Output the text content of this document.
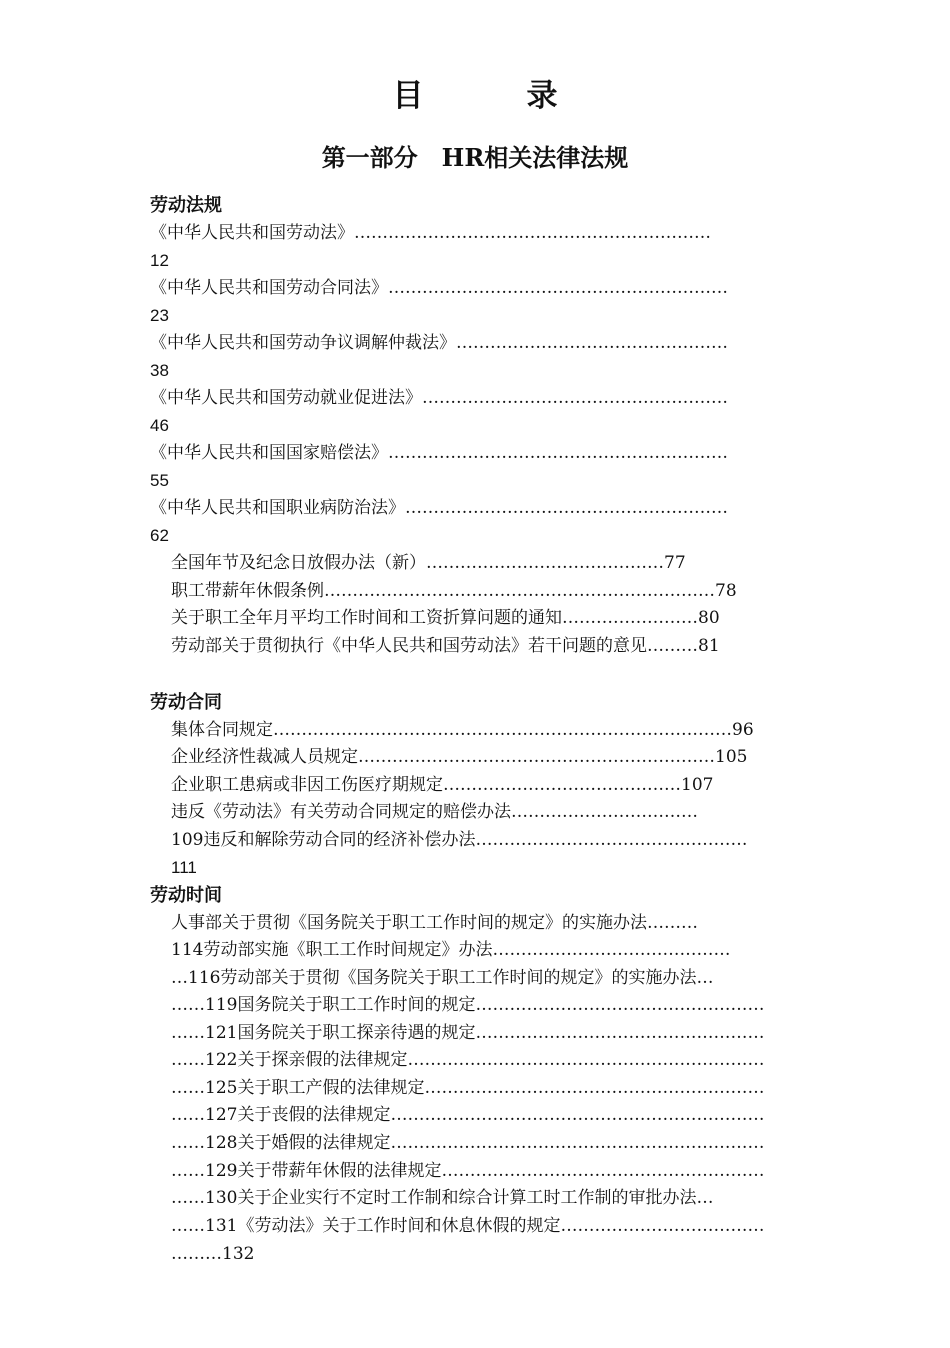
目　录
第一部分　HR相关法律法规
劳动法规
《中华人民共和国劳动法》………………………………………………………
12
《中华人民共和国劳动合同法》……………………………………………………
23
《中华人民共和国劳动争议调解仲裁法》…………………………………………
38
《中华人民共和国劳动就业促进法》………………………………………………
46
《中华人民共和国国家赔偿法》……………………………………………………
55
《中华人民共和国职业病防治法》…………………………………………………
62
全国年节及纪念日放假办法（新）……………………………………77
职工带薪年休假条例……………………………………………………………78
关于职工全年月平均工作时间和工资折算问题的通知……………………80
劳动部关于贯彻执行《中华人民共和国劳动法》若干问题的意见………81
劳动合同
集体合同规定………………………………………………………………………96
企业经济性裁减人员规定………………………………………………………105
企业职工患病或非因工伤医疗期规定……………………………………107
违反《劳动法》有关劳动合同规定的赔偿办法……………………………
109违反和解除劳动合同的经济补偿办法…………………………………………
111
劳动时间
人事部关于贯彻《国务院关于职工工作时间的规定》的实施办法………
114劳动部实施《职工工作时间规定》办法……………………………………
…116劳动部关于贯彻《国务院关于职工工作时间的规定》的实施办法…
……119国务院关于职工工作时间的规定……………………………………………
……121国务院关于职工探亲待遇的规定……………………………………………
……122关于探亲假的法律规定………………………………………………………
……125关于职工产假的法律规定……………………………………………………
……127关于丧假的法律规定…………………………………………………………
……128关于婚假的法律规定…………………………………………………………
……129关于带薪年休假的法律规定…………………………………………………
……130关于企业实行不定时工作制和综合计算工时工作制的审批办法…
……131《劳动法》关于工作时间和休息休假的规定………………………………
………132
